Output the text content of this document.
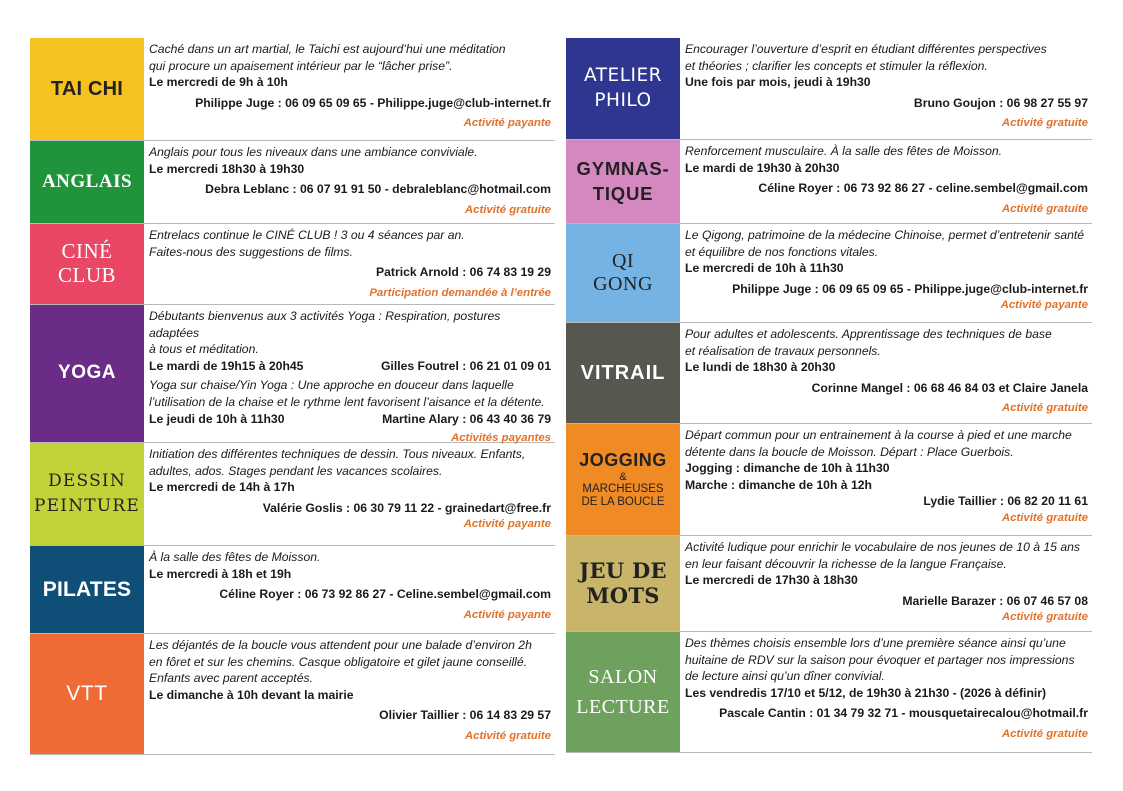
TAI CHI
Caché dans un art martial, le Taichi est aujourd’hui une méditation
qui procure un apaisement intérieur par le “lâcher prise”.
Le mercredi de 9h à 10h
Philippe Juge : 06 09 65 09 65 - Philippe.juge@club-internet.fr
Activité payante
ANGLAIS
Anglais pour tous les niveaux dans une ambiance conviviale.
Le mercredi 18h30 à 19h30
Debra Leblanc : 06 07 91 91 50 - debraleblanc@hotmail.com
Activité gratuite
CINÉ
CLUB
Entrelacs continue le CINÉ CLUB ! 3 ou 4 séances par an.
Faites-nous des suggestions de films.
Patrick Arnold : 06 74 83 19 29
Participation demandée à l’entrée
YOGA
Débutants bienvenus aux 3 activités Yoga : Respiration, postures adaptées
à tous et méditation.
Le mardi de 19h15 à 20h45	Gilles Foutrel : 06 21 01 09 01
Yoga sur chaise/Yin Yoga : Une approche en douceur dans laquelle
l’utilisation de la chaise et le rythme lent favorisent l’aisance et la détente.
Le jeudi de 10h à 11h30	Martine Alary : 06 43 40 36 79
Activités payantes
DESSIN
PEINTURE
Initiation des différentes techniques de dessin. Tous niveaux. Enfants,
adultes, ados. Stages pendant les vacances scolaires.
Le mercredi de 14h à 17h
Valérie Goslis : 06 30 79 11 22 - grainedart@free.fr
Activité payante
PILATES
À la salle des fêtes de Moisson.
Le mercredi à 18h et 19h
Céline Royer : 06 73 92 86 27 - Celine.sembel@gmail.com
Activité payante
VTT
Les déjantés de la boucle vous attendent pour une balade d’environ 2h
en fôret et sur les chemins. Casque obligatoire et gilet jaune conseillé.
Enfants avec parent acceptés.
Le dimanche à 10h devant la mairie
Olivier Taillier : 06 14 83 29 57
Activité gratuite
ATELIER
PHILO
Encourager l’ouverture d’esprit en étudiant différentes perspectives
et théories ; clarifier les concepts et stimuler la réflexion.
Une fois par mois, jeudi à 19h30
Bruno Goujon : 06 98 27 55 97
Activité gratuite
GYMNAS-
TIQUE
Renforcement musculaire. À la salle des fêtes de Moisson.
Le mardi de 19h30 à 20h30
Céline Royer : 06 73 92 86 27 - celine.sembel@gmail.com
Activité gratuite
QI
GONG
Le Qigong, patrimoine de la médecine Chinoise, permet d’entretenir santé
et équilibre de nos fonctions vitales.
Le mercredi de 10h à 11h30
Philippe Juge : 06 09 65 09 65 - Philippe.juge@club-internet.fr
Activité payante
VITRAIL
Pour adultes et adolescents. Apprentissage des techniques de base
et réalisation de travaux personnels.
Le lundi de 18h30 à 20h30
Corinne Mangel : 06 68 46 84 03 et Claire Janela
Activité gratuite
JOGGING
&
MARCHEUSES
DE LA BOUCLE
Départ commun pour un entrainement à la course à pied et une marche
détente dans la boucle de Moisson. Départ : Place Guerbois.
Jogging : dimanche de 10h à 11h30
Marche : dimanche de 10h à 12h
Lydie Taillier : 06 82 20 11 61
Activité gratuite
JEU DE
MOTS
Activité ludique pour enrichir le vocabulaire de nos jeunes de 10 à 15 ans
en leur faisant découvrir la richesse de la langue Française.
Le mercredi de 17h30 à 18h30
Marielle Barazer : 06 07 46 57 08
Activité gratuite
SALON
LECTURE
Des thèmes choisis ensemble lors d’une première séance ainsi qu’une
huitaine de RDV sur la saison pour évoquer et partager nos impressions
de lecture ainsi qu’un dîner convivial.
Les vendredis 17/10 et 5/12, de 19h30 à 21h30 - (2026 à définir)
Pascale Cantin : 01 34 79 32 71 - mousquetairecalou@hotmail.fr
Activité gratuite
